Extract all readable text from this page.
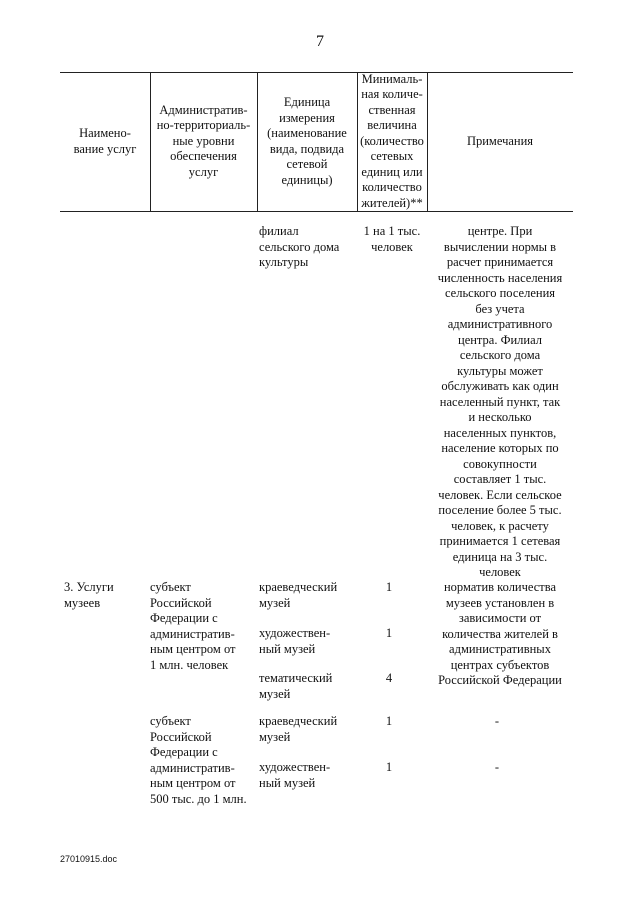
7
Наимено-
вание услуг
Административ-
но-территориаль-
ные уровни
обеспечения
услуг
Единица
измерения
(наименование
вида, подвида
сетевой
единицы)
Минималь-
ная количе-
ственная
величина
(количество
сетевых
единиц или
количество
жителей)**
Примечания
филиал
сельского дома
культуры
1 на 1 тыс.
человек
центре. При
вычислении нормы в
расчет принимается
численность населения
сельского поселения
без учета
административного
центра. Филиал
сельского дома
культуры может
обслуживать как один
населенный пункт, так
и несколько
населенных пунктов,
население которых по
совокупности
составляет 1 тыс.
человек. Если сельское
поселение более 5 тыс.
человек, к расчету
принимается 1 сетевая
единица на 3 тыс.
человек
3. Услуги
музеев
субъект
Российской
Федерации с
административ-
ным центром от
1 млн. человек
краеведческий
музей
художествен-
ный музей
тематический
музей
1
1
4
норматив количества
музеев установлен в
зависимости от
количества жителей в
административных
центрах субъектов
Российской Федерации
субъект
Российской
Федерации с
административ-
ным центром от
500 тыс. до 1 млн.
краеведческий
музей
художествен-
ный музей
1
1
-
-
27010915.doc
